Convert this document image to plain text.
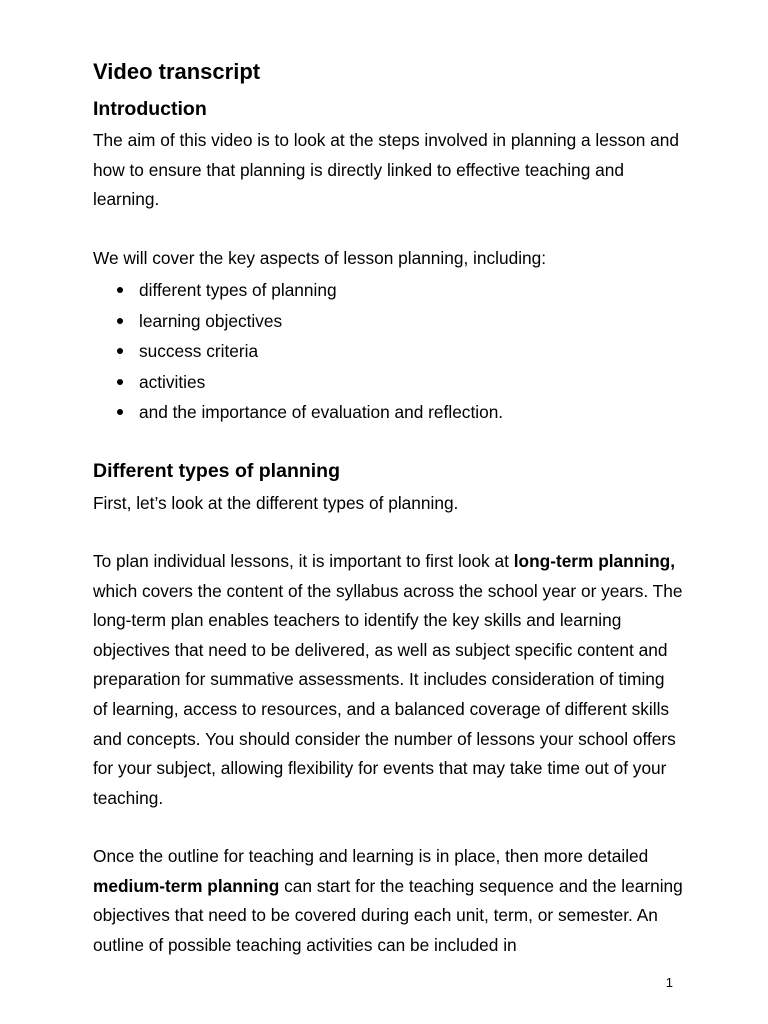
Video transcript
Introduction

The aim of this video is to look at the steps involved in planning a lesson and how to ensure that planning is directly linked to effective teaching and learning.

We will cover the key aspects of lesson planning, including:

different types of planning
learning objectives
success criteria
activities
and the importance of evaluation and reflection.
Different types of planning

First, let’s look at the different types of planning.

To plan individual lessons, it is important to first look at long-term planning, which covers the content of the syllabus across the school year or years. The long-term plan enables teachers to identify the key skills and learning objectives that need to be delivered, as well as subject specific content and preparation for summative assessments. It includes consideration of timing of learning, access to resources, and a balanced coverage of different skills and concepts. You should consider the number of lessons your school offers for your subject, allowing flexibility for events that may take time out of your teaching.

Once the outline for teaching and learning is in place, then more detailed medium-term planning can start for the teaching sequence and the learning objectives that need to be covered during each unit, term, or semester. An outline of possible teaching activities can be included in

1
